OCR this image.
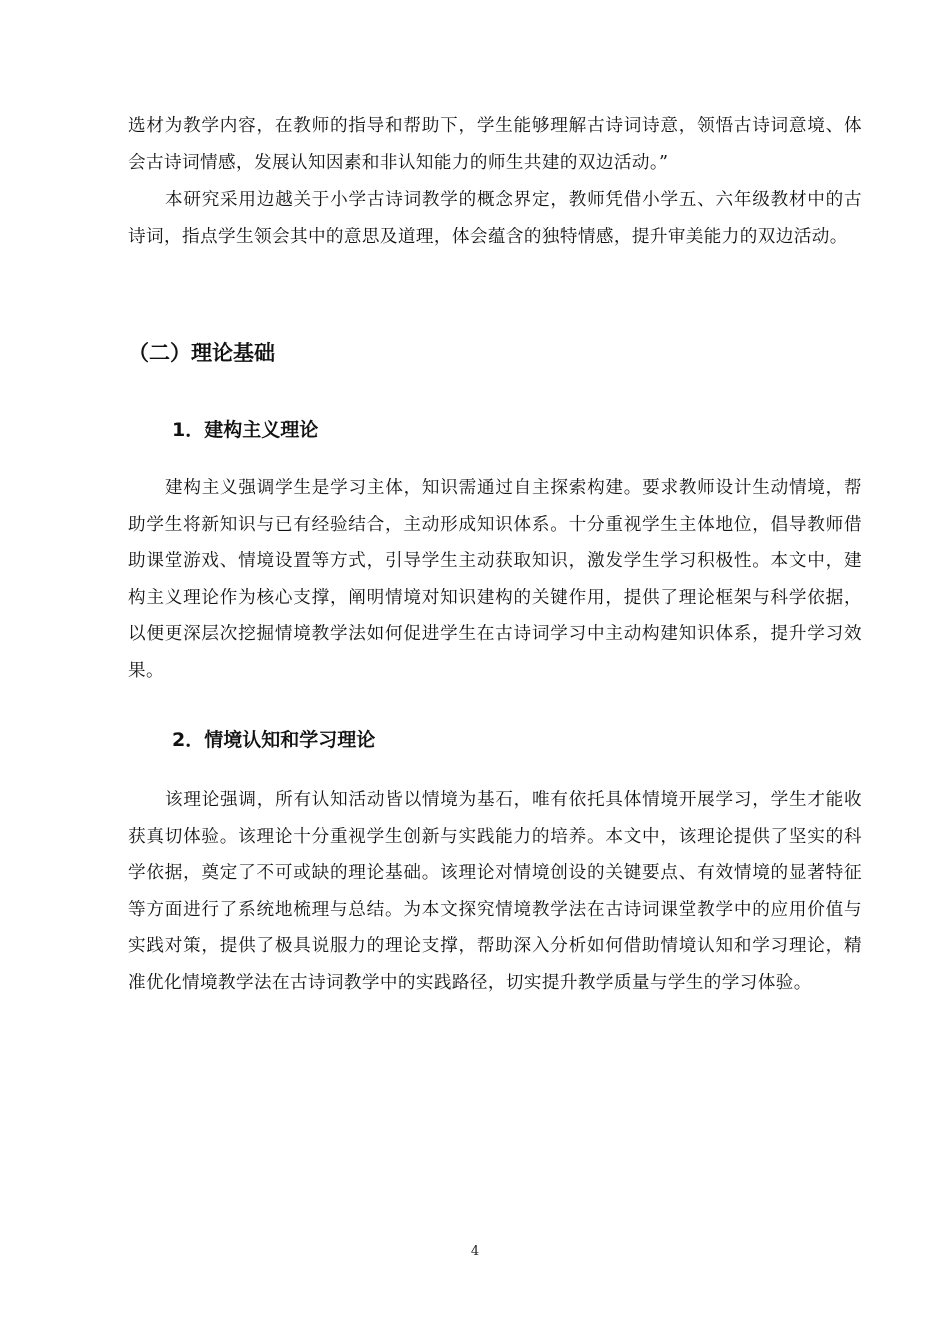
选材为教学内容，在教师的指导和帮助下，学生能够理解古诗词诗意，领悟古诗词意境、体会古诗词情感，发展认知因素和非认知能力的师生共建的双边活动。”

本研究采用边越关于小学古诗词教学的概念界定，教师凭借小学五、六年级教材中的古诗词，指点学生领会其中的意思及道理，体会蕴含的独特情感，提升审美能力的双边活动。

（二）理论基础
1．建构主义理论

建构主义强调学生是学习主体，知识需通过自主探索构建。要求教师设计生动情境，帮助学生将新知识与已有经验结合，主动形成知识体系。十分重视学生主体地位，倡导教师借助课堂游戏、情境设置等方式，引导学生主动获取知识，激发学生学习积极性。本文中，建构主义理论作为核心支撑，阐明情境对知识建构的关键作用，提供了理论框架与科学依据，以便更深层次挖掘情境教学法如何促进学生在古诗词学习中主动构建知识体系，提升学习效果。

2．情境认知和学习理论

该理论强调，所有认知活动皆以情境为基石，唯有依托具体情境开展学习，学生才能收获真切体验。该理论十分重视学生创新与实践能力的培养。本文中，该理论提供了坚实的科学依据，奠定了不可或缺的理论基础。该理论对情境创设的关键要点、有效情境的显著特征等方面进行了系统地梳理与总结。为本文探究情境教学法在古诗词课堂教学中的应用价值与实践对策，提供了极具说服力的理论支撑，帮助深入分析如何借助情境认知和学习理论，精准优化情境教学法在古诗词教学中的实践路径，切实提升教学质量与学生的学习体验。

4
